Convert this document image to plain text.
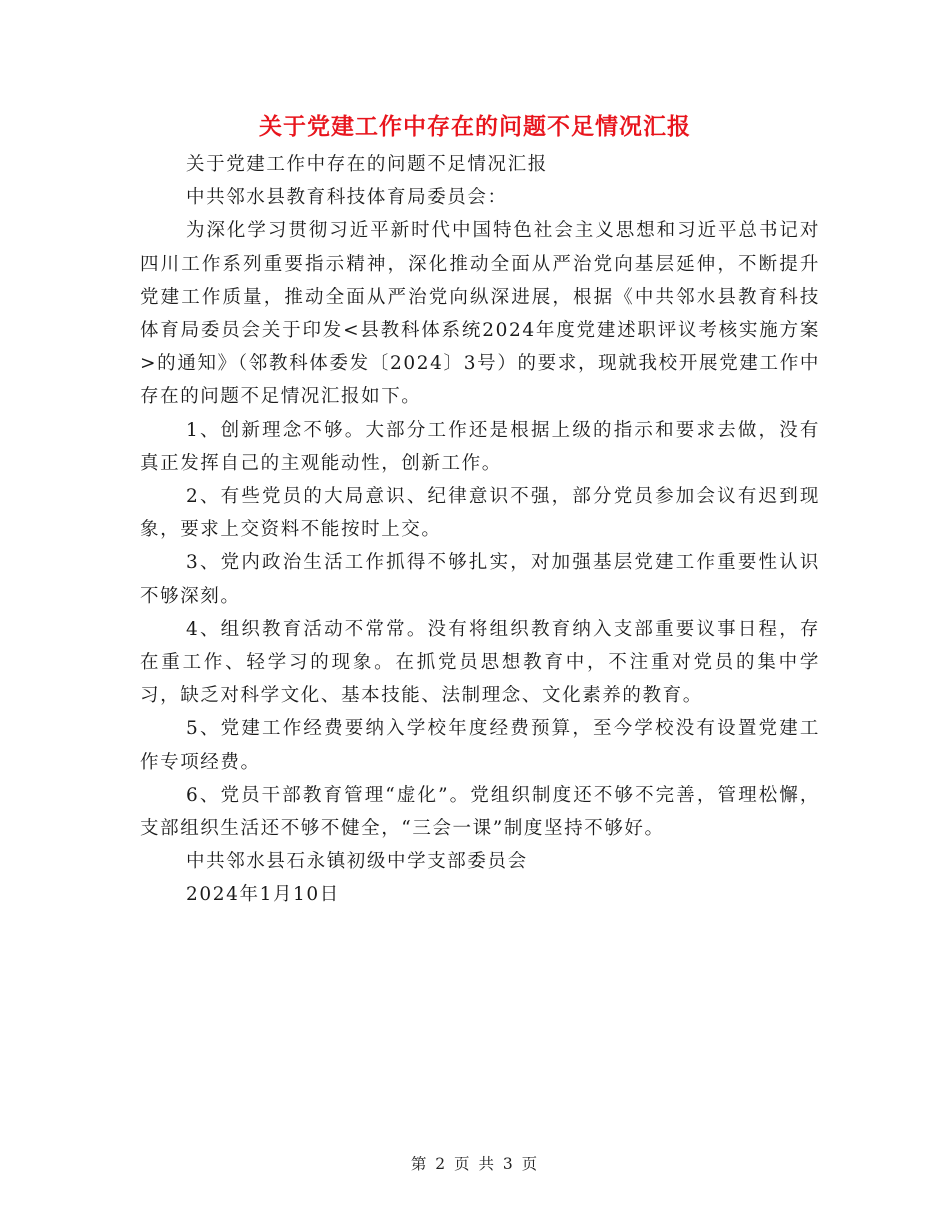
关于党建工作中存在的问题不足情况汇报

关于党建工作中存在的问题不足情况汇报

中共邻水县教育科技体育局委员会：

为深化学习贯彻习近平新时代中国特色社会主义思想和习近平总书记对四川工作系列重要指示精神，深化推动全面从严治党向基层延伸，不断提升党建工作质量，推动全面从严治党向纵深进展，根据《中共邻水县教育科技体育局委员会关于印发<县教科体系统2024年度党建述职评议考核实施方案>的通知》（邻教科体委发〔2024〕3号）的要求，现就我校开展党建工作中存在的问题不足情况汇报如下。

1、创新理念不够。大部分工作还是根据上级的指示和要求去做，没有真正发挥自己的主观能动性，创新工作。

2、有些党员的大局意识、纪律意识不强，部分党员参加会议有迟到现象，要求上交资料不能按时上交。

3、党内政治生活工作抓得不够扎实，对加强基层党建工作重要性认识不够深刻。

4、组织教育活动不常常。没有将组织教育纳入支部重要议事日程，存在重工作、轻学习的现象。在抓党员思想教育中，不注重对党员的集中学习，缺乏对科学文化、基本技能、法制理念、文化素养的教育。

5、党建工作经费要纳入学校年度经费预算，至今学校没有设置党建工作专项经费。

6、党员干部教育管理“虚化”。党组织制度还不够不完善，管理松懈，支部组织生活还不够不健全，“三会一课”制度坚持不够好。

中共邻水县石永镇初级中学支部委员会

2024年1月10日

第 2 页 共 3 页
